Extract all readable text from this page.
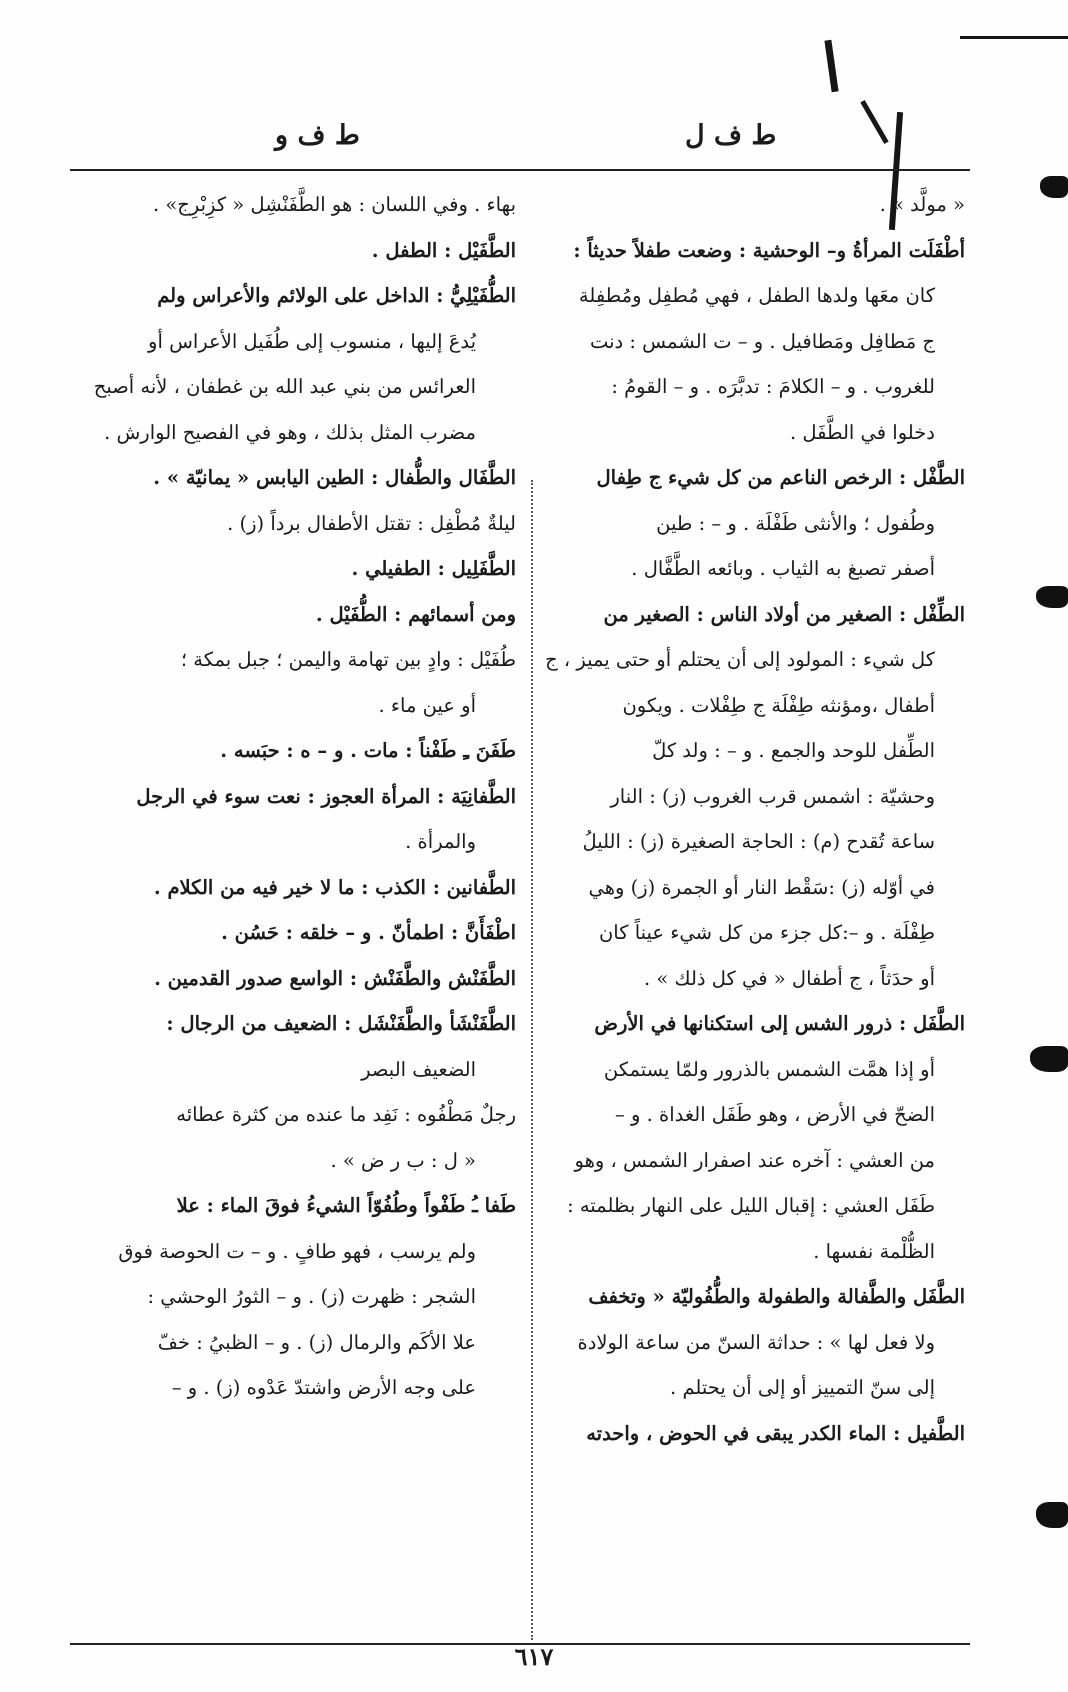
ط ف ل
ط ف و
« مولَّد » .
أطْفَلَت المرأةُ و– الوحشية : وضعت طفلاً حديثاً :
كان معَها ولدها الطفل ، فهي مُطفِل ومُطفِلة
ج مَطافِل ومَطافيل . و – ت الشمس : دنت
للغروب . و – الكلامَ : تدبَّرَه . و – القومُ :
دخلوا في الطَّفَل .
الطَّفْل : الرخص الناعم من كل شيء ج طِفال
وطُفول ؛ والأنثى طَفْلَة . و – : طين
أصفر تصبغ به الثياب . وبائعه الطَّفَّال .
الطِّفْل : الصغير من أولاد الناس : الصغير من
كل شيء : المولود إلى أن يحتلم أو حتى يميز ، ج
أطفال ،ومؤنثه طِفْلَة ج طِفْلات . ويكون
الطِّفل للوحد والجمع . و – : ولد كلّ
وحشيّة : اشمس قرب الغروب (ز) : النار
ساعة تُقدح (م) : الحاجة الصغيرة (ز) : الليلُ
في أوّله (ز) :سَقْط النار أو الجمرة (ز) وهي
طِفْلَة . و –:كل جزء من كل شيء عيناً كان
أو حدَثاً ، ج أطفال « في كل ذلك » .
الطَّفَل : ذرور الشس إلى استكنانها في الأرض
أو إذا همَّت الشمس بالذرور ولمّا يستمكن
الضحّ في الأرض ، وهو طَفَل الغداة . و –
من العشي : آخره عند اصفرار الشمس ، وهو
طَفَل العشي : إقبال الليل على النهار بظلمته :
الظُّلْمة نفسها .
الطَّفَل والطَّفالة والطفولة والطُّفُوليّة « وتخفف
ولا فعل لها » : حداثة السنّ من ساعة الولادة
إلى سنّ التمييز أو إلى أن يحتلم .
الطَّفيل : الماء الكدر يبقى في الحوض ، واحدته
بهاء . وفي اللسان : هو الطَّفَنْشِل « كزِبْرِج» .
الطَّفَيْل : الطفل .
الطُّفَيْلِيُّ : الداخل على الولائم والأعراس ولم
يُدعَ إليها ، منسوب إلى طُفَيل الأعراس أو
العرائس من بني عبد الله بن غطفان ، لأنه أصبح
مضرب المثل بذلك ، وهو في الفصيح الوارش .
الطَّفَال والطُّفال : الطين اليابس « يمانيّة » .
ليلةٌ مُطْفِل : تقتل الأطفال برداً (ز) .
الطَّفَلِيل : الطفيلي .
ومن أسمائهم : الطُّفَيْل .
طُفَيْل : وادٍ بين تهامة واليمن ؛ جبل بمكة ؛
أو عين ماء .
طَفَنَ ـِ طَفْناً : مات . و – ه : حبَسه .
الطَّفانِيَة : المرأة العجوز : نعت سوء في الرجل
والمرأة .
الطَّفانين : الكذب : ما لا خير فيه من الكلام .
اطْفَأَنَّ : اطمأنّ . و – خلقه : حَسُن .
الطَّفَنْش والطَّفَنْش : الواسع صدور القدمين .
الطَّفَنْشَأ والطَّفَنْشَل : الضعيف من الرجال :
الضعيف البصر
رجلٌ مَطْفُوه : نَفِد ما عنده من كثرة عطائه
« ل : ب ر ض » .
طَفا ـُ طَفْواً وطُفُوّاً الشيءُ فوقَ الماء : علا
ولم يرسب ، فهو طافٍ . و – ت الحوصة فوق
الشجر : ظهرت (ز) . و – الثورُ الوحشي :
علا الأكَم والرمال (ز) . و – الظبيُ : خفّ
على وجه الأرض واشتدّ عَدْوه (ز) . و –
٦١٧
